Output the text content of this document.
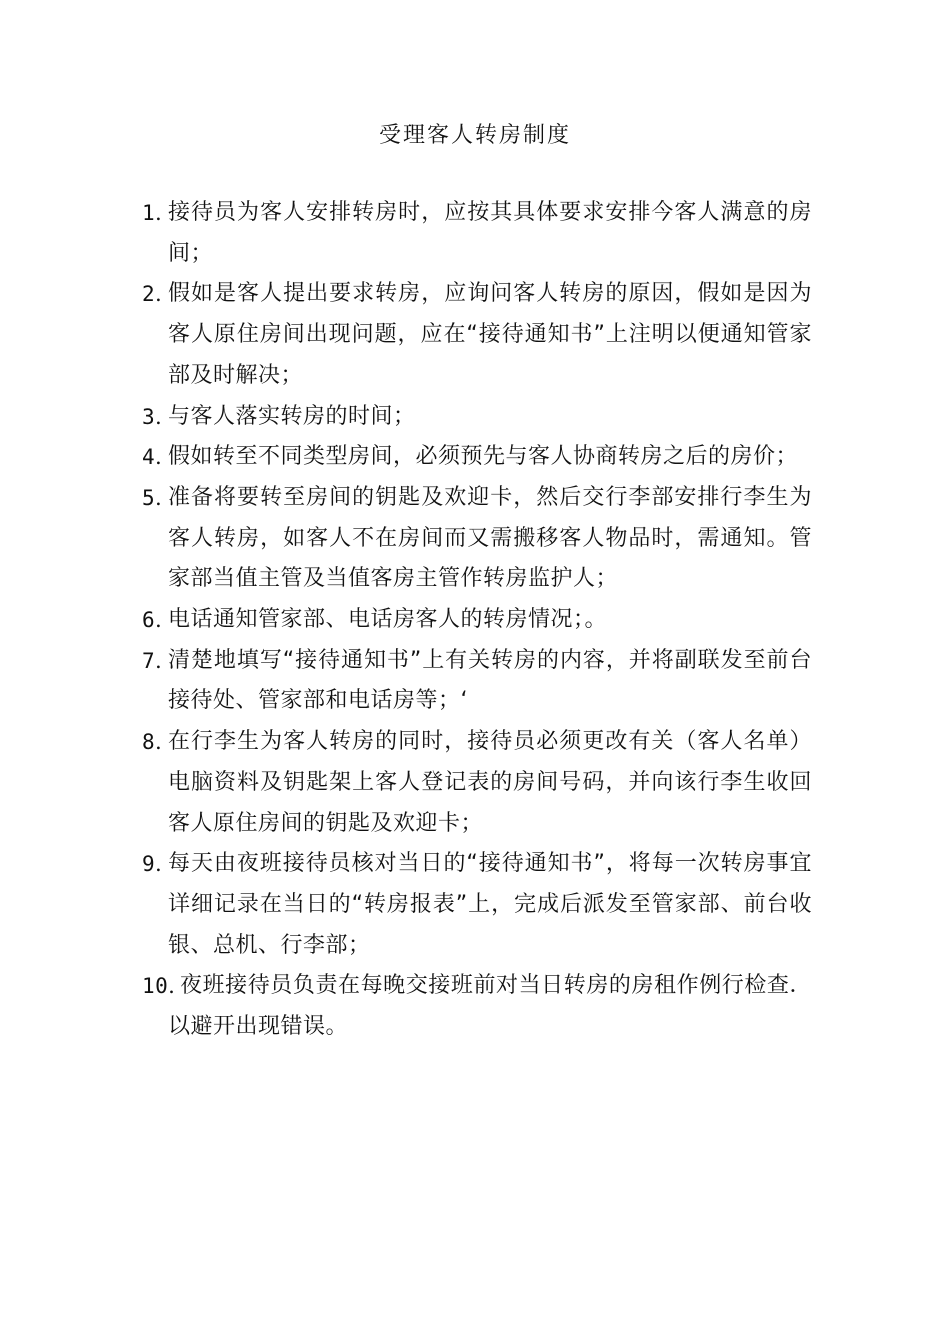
受理客人转房制度
1．
接待员为客人安排转房时，应按其具体要求安排今客人满意的房间；
2．
假如是客人提出要求转房，应询问客人转房的原因，假如是因为客人原住房间出现问题，应在“接待通知书”上注明以便通知管家部及时解决；
3．
与客人落实转房的时间；
4．
假如转至不同类型房间，必须预先与客人协商转房之后的房价；
5．
准备将要转至房间的钥匙及欢迎卡，然后交行李部安排行李生为客人转房，如客人不在房间而又需搬移客人物品时，需通知。管家部当值主管及当值客房主管作转房监护人；
6．
电话通知管家部、电话房客人的转房情况；。
7．
清楚地填写“接待通知书”上有关转房的内容，并将副联发至前台接待处、管家部和电话房等；‘
8．
在行李生为客人转房的同时，接待员必须更改有关（客人名单）电脑资料及钥匙架上客人登记表的房间号码，并向该行李生收回客人原住房间的钥匙及欢迎卡；
9．
每天由夜班接待员核对当日的“接待通知书”，将每一次转房事宜详细记录在当日的“转房报表”上，完成后派发至管家部、前台收银、总机、行李部；
10．
夜班接待员负责在每晚交接班前对当日转房的房租作例行检查．以避开出现错误。
